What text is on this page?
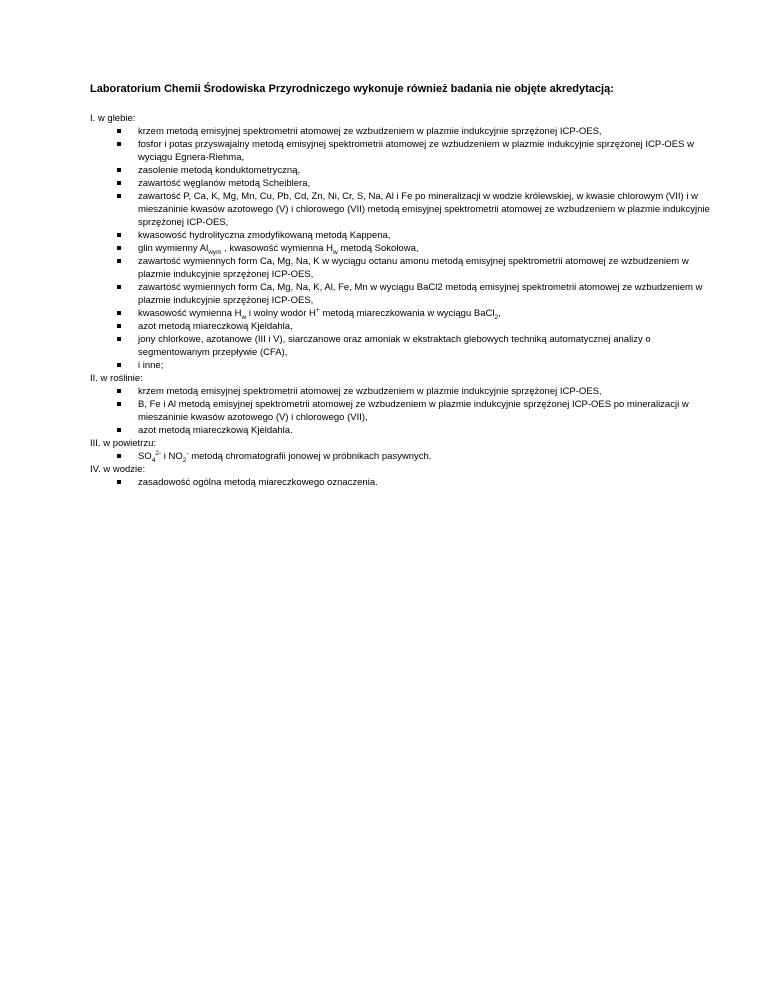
Laboratorium Chemii Środowiska Przyrodniczego wykonuje również badania nie objęte akredytacją:

I. w glebie:

krzem metodą emisyjnej spektrometrii atomowej ze wzbudzeniem w plazmie indukcyjnie sprzężonej ICP-OES,
fosfor i potas przyswajalny metodą emisyjnej spektrometrii atomowej ze wzbudzeniem w plazmie indukcyjnie sprzężonej ICP-OES w wyciągu Egnera-Riehma,
zasolenie metodą konduktometryczną,
zawartość węglanów metodą Scheiblera,
zawartość P, Ca, K, Mg, Mn, Cu, Pb, Cd, Zn, Ni, Cr, S, Na, Al i Fe po mineralizacji w wodzie królewskiej, w kwasie chlorowym (VII) i w mieszaninie kwasów azotowego (V) i chlorowego (VII) metodą emisyjnej spektrometrii atomowej ze wzbudzeniem w plazmie indukcyjnie sprzężonej ICP-OES,
kwasowość hydrolityczna zmodyfikowaną metodą Kappena,
glin wymienny $Al_{wym}$ , kwasowość wymienna $H_w$ metodą Sokołowa,
zawartość wymiennych form Ca, Mg, Na, K w wyciągu octanu amonu metodą emisyjnej spektrometrii atomowej ze wzbudzeniem w plazmie indukcyjnie sprzężonej ICP-OES,
zawartość wymiennych form Ca, Mg, Na, K, Al, Fe, Mn w wyciągu BaCl2 metodą emisyjnej spektrometrii atomowej ze wzbudzeniem w plazmie indukcyjnie sprzężonej ICP-OES,
kwasowość wymienna $H_w$ i wolny wodór H+ metodą miareczkowania w wyciągu BaCl$_2$,
azot metodą miareczkową Kjeldahla,
jony chlorkowe, azotanowe (III i V), siarczanowe oraz amoniak w ekstraktach glebowych techniką automatycznej analizy o segmentowanym przepływie (CFA),
i inne;

II. w roślinie:

krzem metodą emisyjnej spektrometrii atomowej ze wzbudzeniem w plazmie indukcyjnie sprzężonej ICP-OES,
B, Fe i Al metodą emisyjnej spektrometrii atomowej ze wzbudzeniem w plazmie indukcyjnie sprzężonej ICP-OES po mineralizacji w mieszaninie kwasów azotowego (V) i chlorowego (VII),
azot metodą miareczkową Kjeldahla.

III. w powietrzu:

$SO_4^{2-}$ i $NO_2^-$ metodą chromatografii jonowej w próbnikach pasywnych.

IV. w wodzie:

zasadowość ogólna metodą miareczkowego oznaczenia.
